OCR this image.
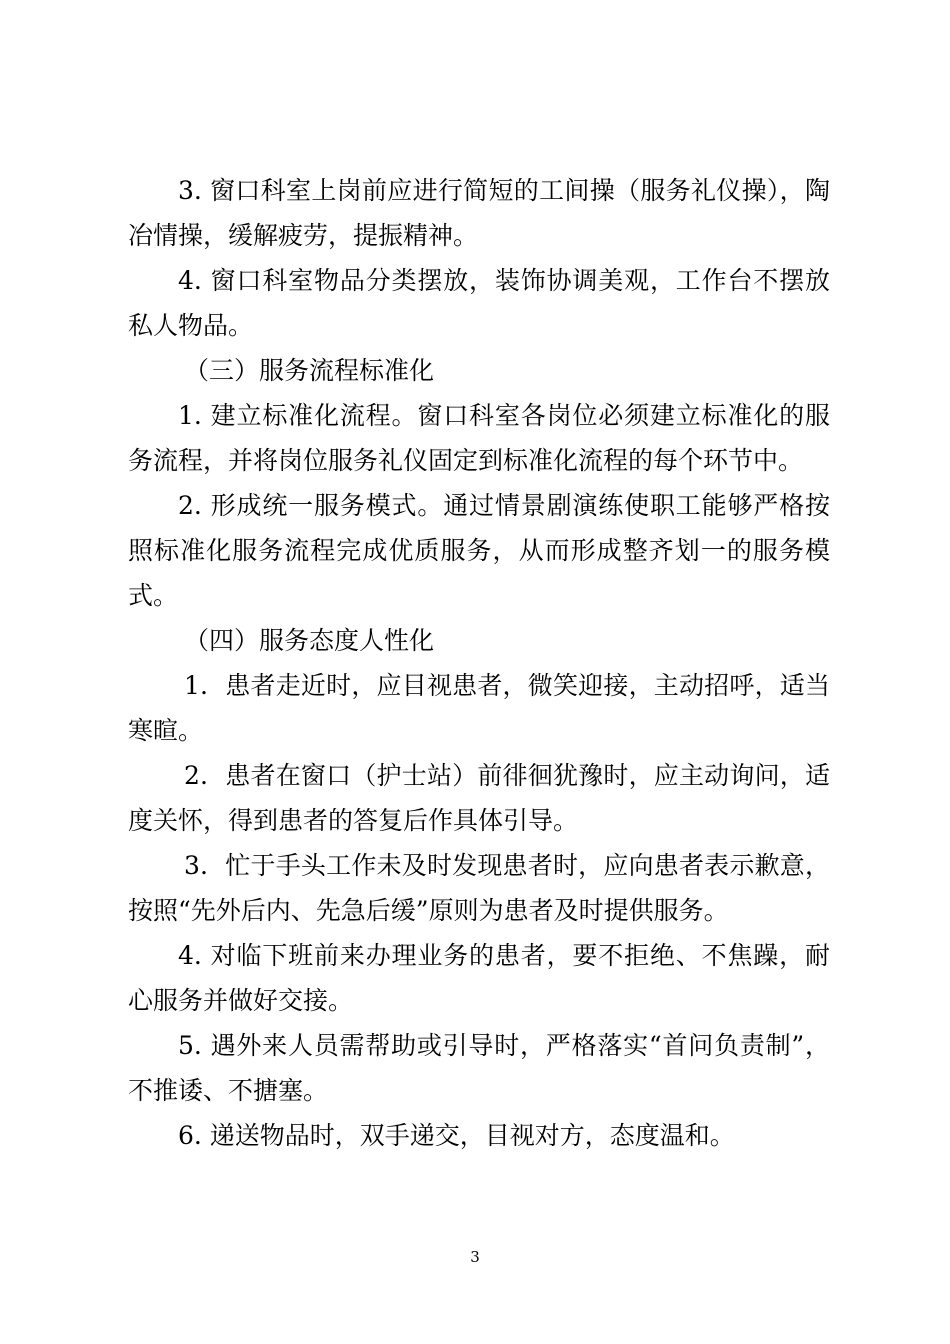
3. 窗口科室上岗前应进行简短的工间操（服务礼仪操），陶冶情操，缓解疲劳，提振精神。

4. 窗口科室物品分类摆放，装饰协调美观，工作台不摆放私人物品。

（三）服务流程标准化

1. 建立标准化流程。窗口科室各岗位必须建立标准化的服务流程，并将岗位服务礼仪固定到标准化流程的每个环节中。

2. 形成统一服务模式。通过情景剧演练使职工能够严格按照标准化服务流程完成优质服务，从而形成整齐划一的服务模式。

（四）服务态度人性化

1．患者走近时，应目视患者，微笑迎接，主动招呼，适当寒暄。

2．患者在窗口（护士站）前徘徊犹豫时，应主动询问，适度关怀，得到患者的答复后作具体引导。

3．忙于手头工作未及时发现患者时，应向患者表示歉意，按照“先外后内、先急后缓”原则为患者及时提供服务。

4. 对临下班前来办理业务的患者，要不拒绝、不焦躁，耐心服务并做好交接。

5. 遇外来人员需帮助或引导时，严格落实“首问负责制”，不推诿、不搪塞。

6. 递送物品时，双手递交，目视对方，态度温和。

3
